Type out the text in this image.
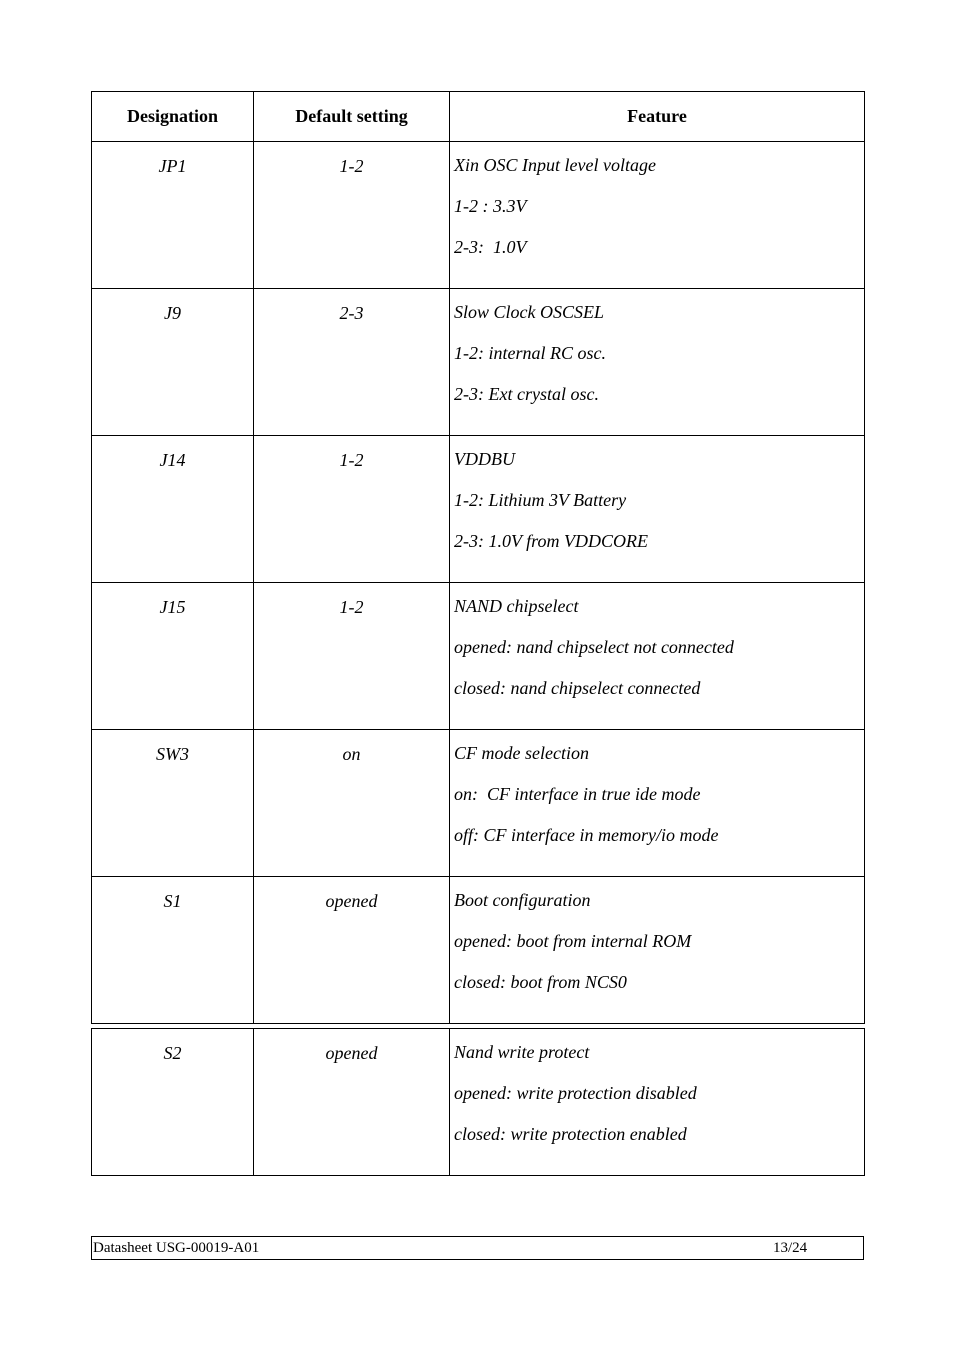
Designation	Default setting	Feature
JP1	1-2	Xin OSC Input level voltage
1-2 : 3.3V
2-3:  1.0V

J9	2-3	Slow Clock OSCSEL
1-2: internal RC osc.
2-3: Ext crystal osc.

J14	1-2	VDDBU
1-2: Lithium 3V Battery
2-3: 1.0V from VDDCORE

J15	1-2	NAND chipselect
opened: nand chipselect not connected
closed: nand chipselect connected

SW3	on	CF mode selection
on:  CF interface in true ide mode
off: CF interface in memory/io mode

S1	opened	Boot configuration
opened: boot from internal ROM
closed: boot from NCS0
S2	opened	Nand write protect
opened: write protection disabled
closed: write protection enabled
Datasheet USG-00019-A01	13/24
